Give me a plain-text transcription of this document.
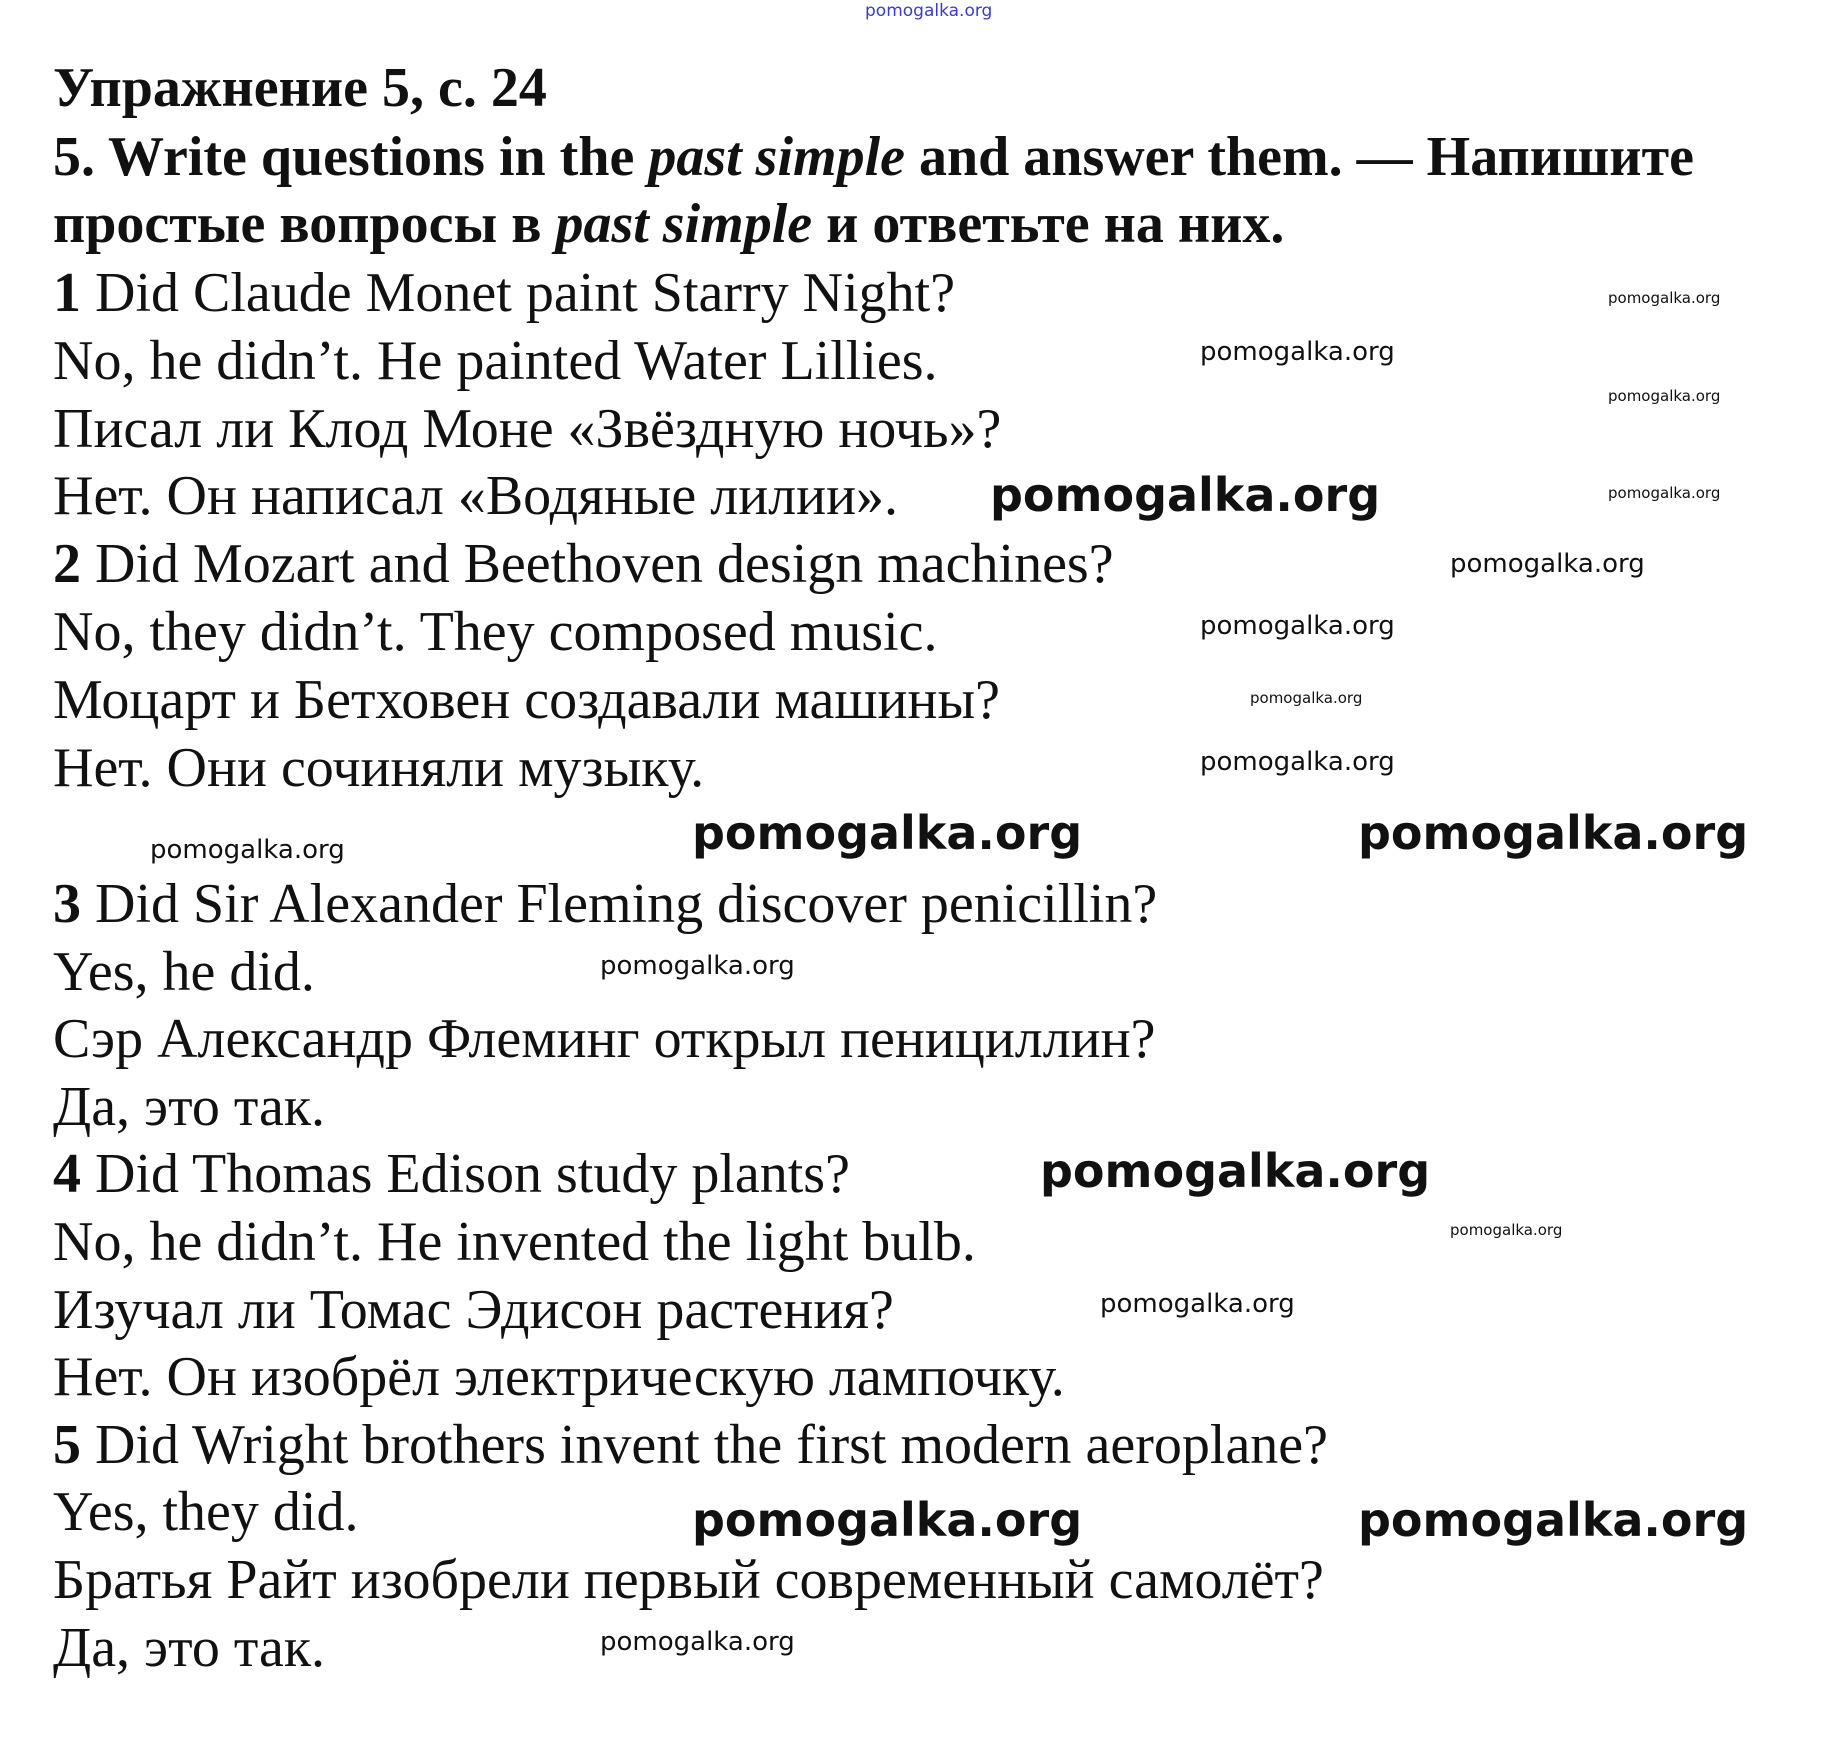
Упражнение 5, с. 24
5. Write questions in the past simple and answer them. — Напишите
простые вопросы в past simple и ответьте на них.
1 Did Claude Monet paint Starry Night?
No, he didn’t. He painted Water Lillies.
Писал ли Клод Моне «Звёздную ночь»?
Нет. Он написал «Водяные лилии».
2 Did Mozart and Beethoven design machines?
No, they didn’t. They composed music.
Моцарт и Бетховен создавали машины?
Нет. Они сочиняли музыку.
3 Did Sir Alexander Fleming discover penicillin?
Yes, he did.
Сэр Александр Флеминг открыл пенициллин?
Да, это так.
4 Did Thomas Edison study plants?
No, he didn’t. He invented the light bulb.
Изучал ли Томас Эдисон растения?
Нет. Он изобрёл электрическую лампочку.
5 Did Wright brothers invent the first modern aeroplane?
Yes, they did.
Братья Райт изобрели первый современный самолёт?
Да, это так.
pomogalka.org
pomogalka.org
pomogalka.org
pomogalka.org
pomogalka.org
pomogalka.org
pomogalka.org
pomogalka.org
pomogalka.org
pomogalka.org
pomogalka.org	pomogalka.org	pomogalka.org
pomogalka.org
pomogalka.org
pomogalka.org
pomogalka.org
pomogalka.org	pomogalka.org
pomogalka.org
